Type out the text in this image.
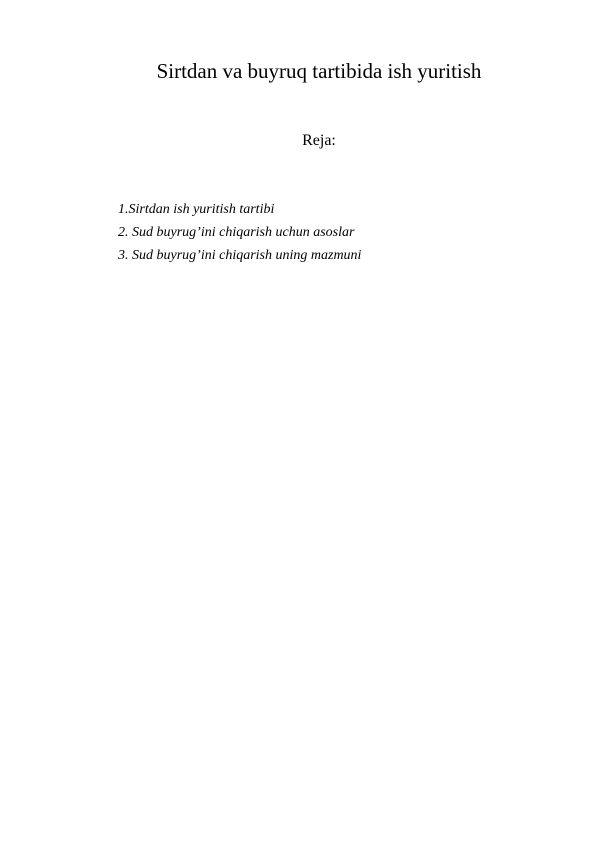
Sirtdan va buyruq tartibida ish yuritish
Reja:
1.Sirtdan ish yuritish tartibi
2. Sud buyrug’ini chiqarish uchun asoslar
3. Sud buyrug’ini chiqarish uning mazmuni
